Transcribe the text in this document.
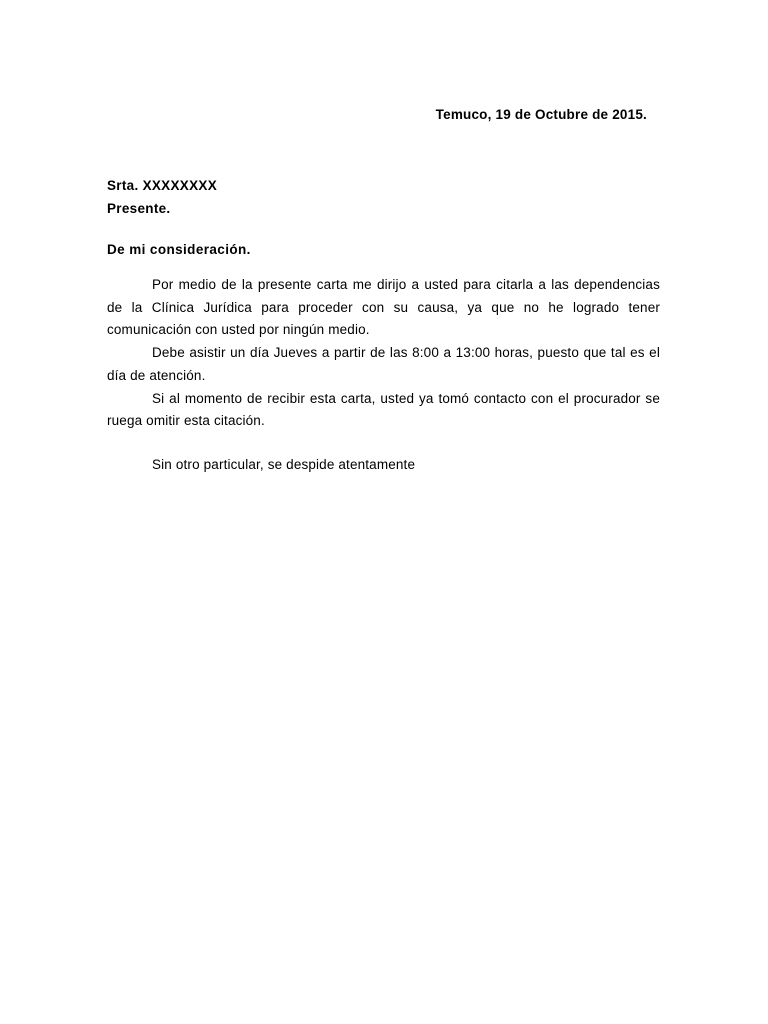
Temuco, 19 de Octubre de 2015.
Srta. XXXXXXXX
Presente.
De mi consideración.

Por medio de la presente carta me dirijo a usted para citarla a las dependencias de la Clínica Jurídica para proceder con su causa, ya que no he logrado tener comunicación con usted por ningún medio.

Debe asistir un día Jueves a partir de las 8:00 a 13:00 horas, puesto que tal es el día de atención.

Si al momento de recibir esta carta, usted ya tomó contacto con el procurador se ruega omitir esta citación.

Sin otro particular, se despide atentamente
